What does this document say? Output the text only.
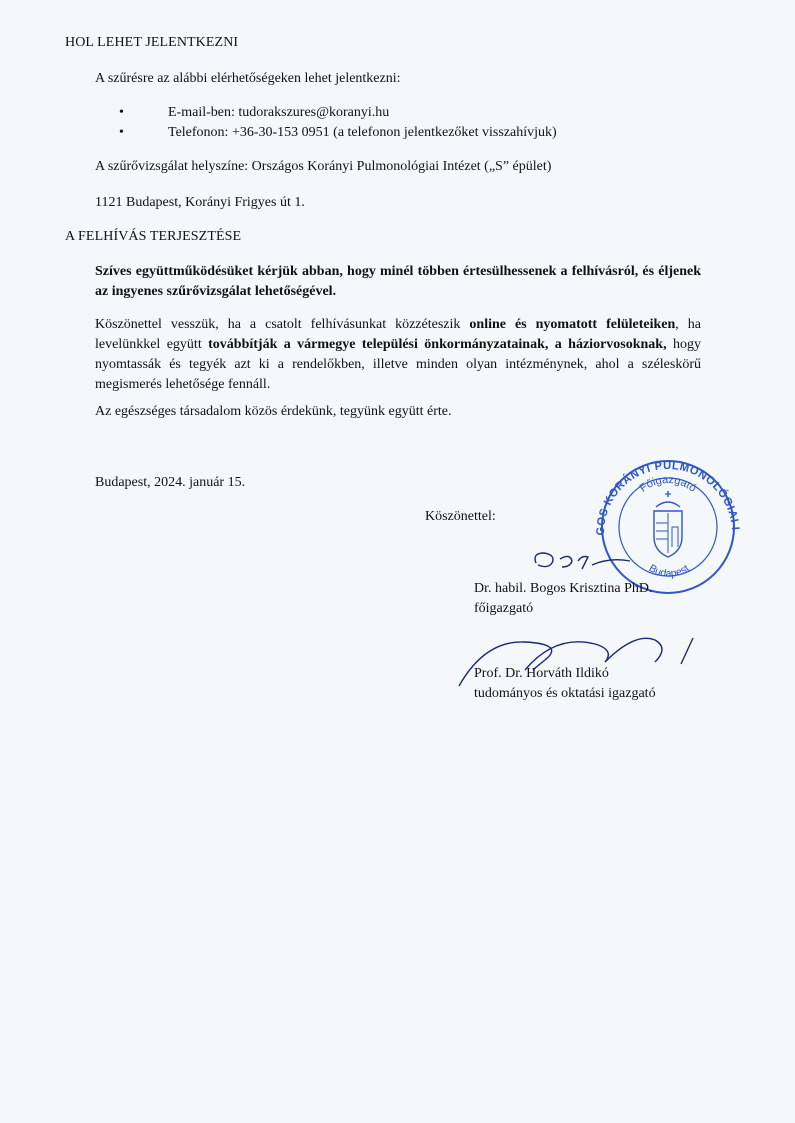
HOL LEHET JELENTKEZNI
A szűrésre az alábbi elérhetőségeken lehet jelentkezni:
•	E-mail-ben: tudorakszures@koranyi.hu
•	Telefonon: +36-30-153 0951 (a telefonon jelentkezőket visszahívjuk)
A szűrővizsgálat helyszíne: Országos Korányi Pulmonológiai Intézet („S” épület)
1121 Budapest, Korányi Frigyes út 1.
A FELHÍVÁS TERJESZTÉSE
Szíves együttműködésüket kérjük abban, hogy minél többen értesülhessenek a felhívásról, és éljenek az ingyenes szűrővizsgálat lehetőségével.
Köszönettel vesszük, ha a csatolt felhívásunkat közzéteszik online és nyomatott felületeiken, ha levelünkkel együtt továbbítják a vármegye települési önkormányzatainak, a háziorvosoknak, hogy nyomtassák és tegyék azt ki a rendelőkben, illetve minden olyan intézménynek, ahol a széleskörű megismerés lehetősége fennáll.
Az egészséges társadalom közös érdekünk, tegyünk együtt érte.
Budapest, 2024. január 15.
Köszönettel:
GOS KORÁNYI PULMONOLÓGIAI I
Főigazgató
Budapest
Dr. habil. Bogos Krisztina PhD.
főigazgató
Prof. Dr. Horváth Ildikó
tudományos és oktatási igazgató
